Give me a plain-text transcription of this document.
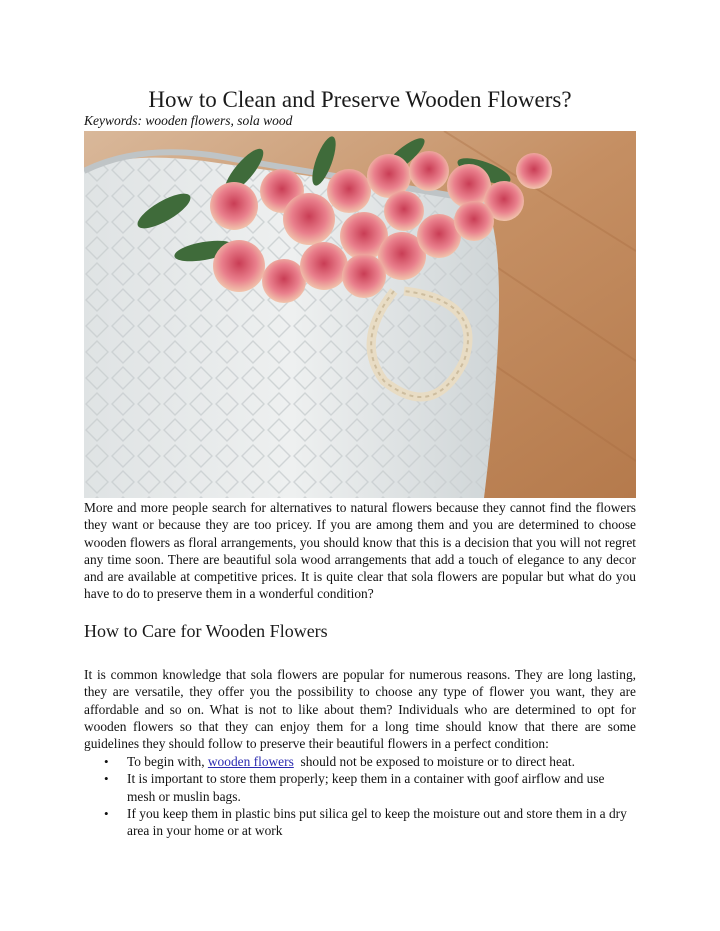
How to Clean and Preserve Wooden Flowers?
Keywords: wooden flowers, sola wood

More and more people search for alternatives to natural flowers because they cannot find the flowers they want or because they are too pricey. If you are among them and you are determined to choose wooden flowers as floral arrangements, you should know that this is a decision that you will not regret any time soon. There are beautiful sola wood arrangements that add a touch of elegance to any decor and are available at competitive prices. It is quite clear that sola flowers are popular but what do you have to do to preserve them in a wonderful condition?

How to Care for Wooden Flowers

It is common knowledge that sola flowers are popular for numerous reasons. They are long lasting, they are versatile, they offer you the possibility to choose any type of flower you want, they are affordable and so on. What is not to like about them? Individuals who are determined to opt for wooden flowers so that they can enjoy them for a long time should know that there are some guidelines they should follow to preserve their beautiful flowers in a perfect condition:

• To begin with, wooden flowers  should not be exposed to moisture or to direct heat.
• It is important to store them properly; keep them in a container with goof airflow and use mesh or muslin bags.
• If you keep them in plastic bins put silica gel to keep the moisture out and store them in a dry area in your home or at work
